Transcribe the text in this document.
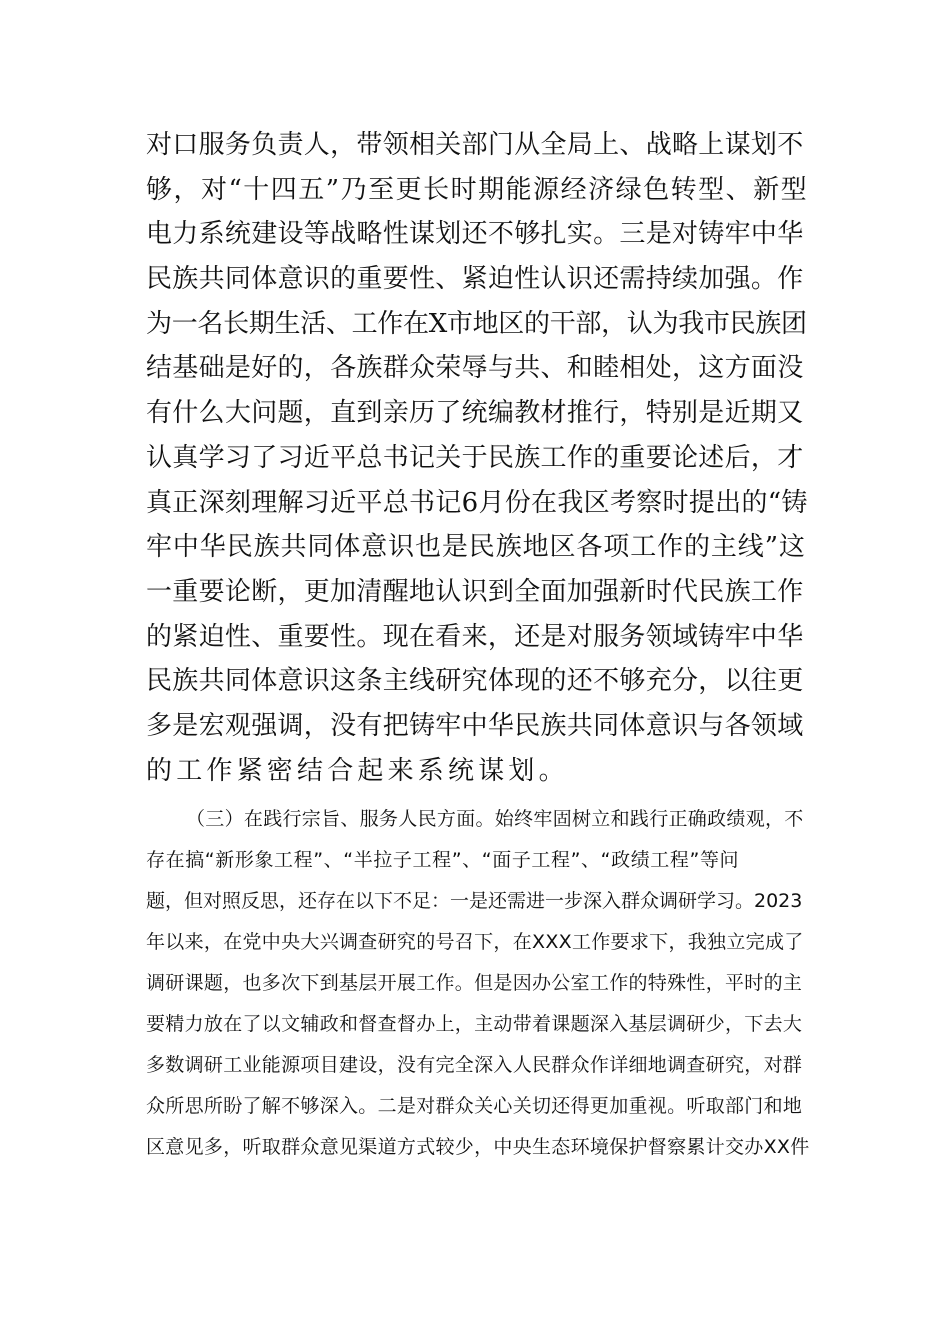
对口服务负责人，带领相关部门从全局上、战略上谋划不
够，对“十四五”乃至更长时期能源经济绿色转型、新型
电力系统建设等战略性谋划还不够扎实。三是对铸牢中华
民族共同体意识的重要性、紧迫性认识还需持续加强。作
为一名长期生活、工作在X市地区的干部，认为我市民族团
结基础是好的，各族群众荣辱与共、和睦相处，这方面没
有什么大问题，直到亲历了统编教材推行，特别是近期又
认真学习了习近平总书记关于民族工作的重要论述后，才
真正深刻理解习近平总书记6月份在我区考察时提出的“铸
牢中华民族共同体意识也是民族地区各项工作的主线”这
一重要论断，更加清醒地认识到全面加强新时代民族工作
的紧迫性、重要性。现在看来，还是对服务领域铸牢中华
民族共同体意识这条主线研究体现的还不够充分，以往更
多是宏观强调，没有把铸牢中华民族共同体意识与各领域
的工作紧密结合起来系统谋划。
（三）在践行宗旨、服务人民方面。始终牢固树立和践行正确政绩观，不
存在搞“新形象工程”、“半拉子工程”、“面子工程”、“政绩工程”等问
题，但对照反思，还存在以下不足：一是还需进一步深入群众调研学习。2023
年以来，在党中央大兴调查研究的号召下，在XXX工作要求下，我独立完成了
调研课题，也多次下到基层开展工作。但是因办公室工作的特殊性，平时的主
要精力放在了以文辅政和督查督办上，主动带着课题深入基层调研少，下去大
多数调研工业能源项目建设，没有完全深入人民群众作详细地调查研究，对群
众所思所盼了解不够深入。二是对群众关心关切还得更加重视。听取部门和地
区意见多，听取群众意见渠道方式较少，中央生态环境保护督察累计交办XX件
